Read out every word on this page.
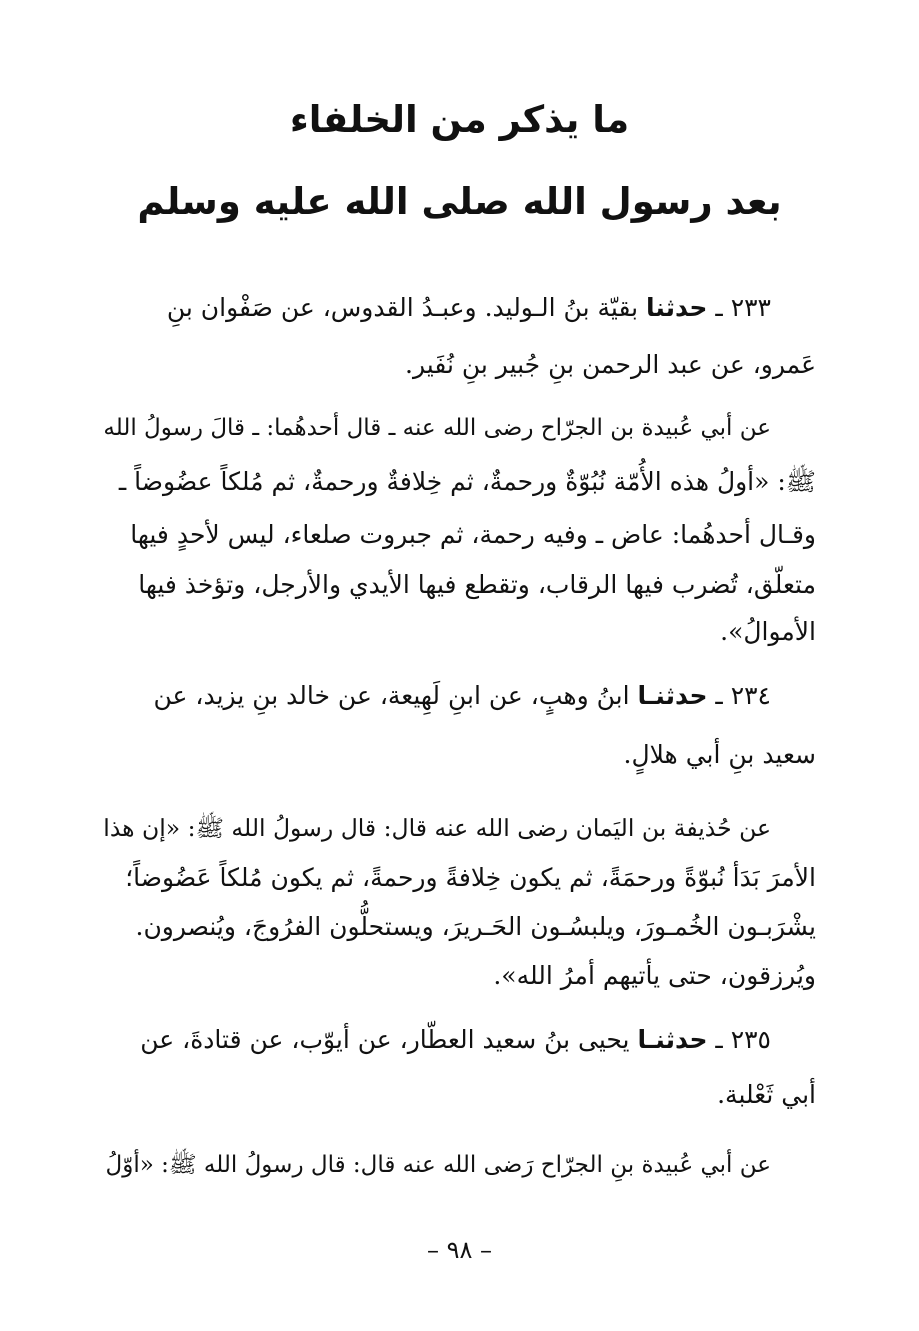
ما يذكر من الخلفاء
بعد رسول الله صلى الله عليه وسلم
٢٣٣ ـ حدثنا بقيّة بنُ الـوليد. وعبـدُ القدوس، عن صَفْوان بنِ
عَمرو، عن عبد الرحمن بنِ جُبير بنِ نُفَير.
عن أبي عُبيدة بن الجرّاح رضى الله عنه ـ قال أحدهُما: ـ قالَ رسولُ الله
ﷺ: «أولُ هذه الأُمّة نُبُوّةٌ ورحمةٌ، ثم خِلافةٌ ورحمةٌ، ثم مُلكاً عضُوضاً ـ
وقـال أحدهُما: عاض ـ وفيه رحمة، ثم جبروت صلعاء، ليس لأحدٍ فيها
متعلّق، تُضرب فيها الرقاب، وتقطع فيها الأيدي والأرجل، وتؤخذ فيها
الأموالُ».
٢٣٤ ـ حدثنـا ابنُ وهبٍ، عن ابنِ لَهِيعة، عن خالد بنِ يزيد، عن
سعيد بنِ أبي هلالٍ.
عن حُذيفة بن اليَمان رضى الله عنه قال: قال رسولُ الله ﷺ: «إن هذا
الأمرَ بَدَأ نُبوّةً ورحمَةً، ثم يكون خِلافةً ورحمةً، ثم يكون مُلكاً عَضُوضاً؛
يشْرَبـون الخُمـورَ، ويلبسُـون الحَـريرَ، ويستحلُّون الفرُوجَ، ويُنصرون.
ويُرزقون، حتى يأتيهم أمرُ الله».
٢٣٥ ـ حدثنـا يحيى بنُ سعيد العطّار، عن أيوّب، عن قتادةَ، عن
أبي ثَعْلبة.
عن أبي عُبيدة بنِ الجرّاح رَضى الله عنه قال: قال رسولُ الله ﷺ: «أوّلُ
– ٩٨ –
